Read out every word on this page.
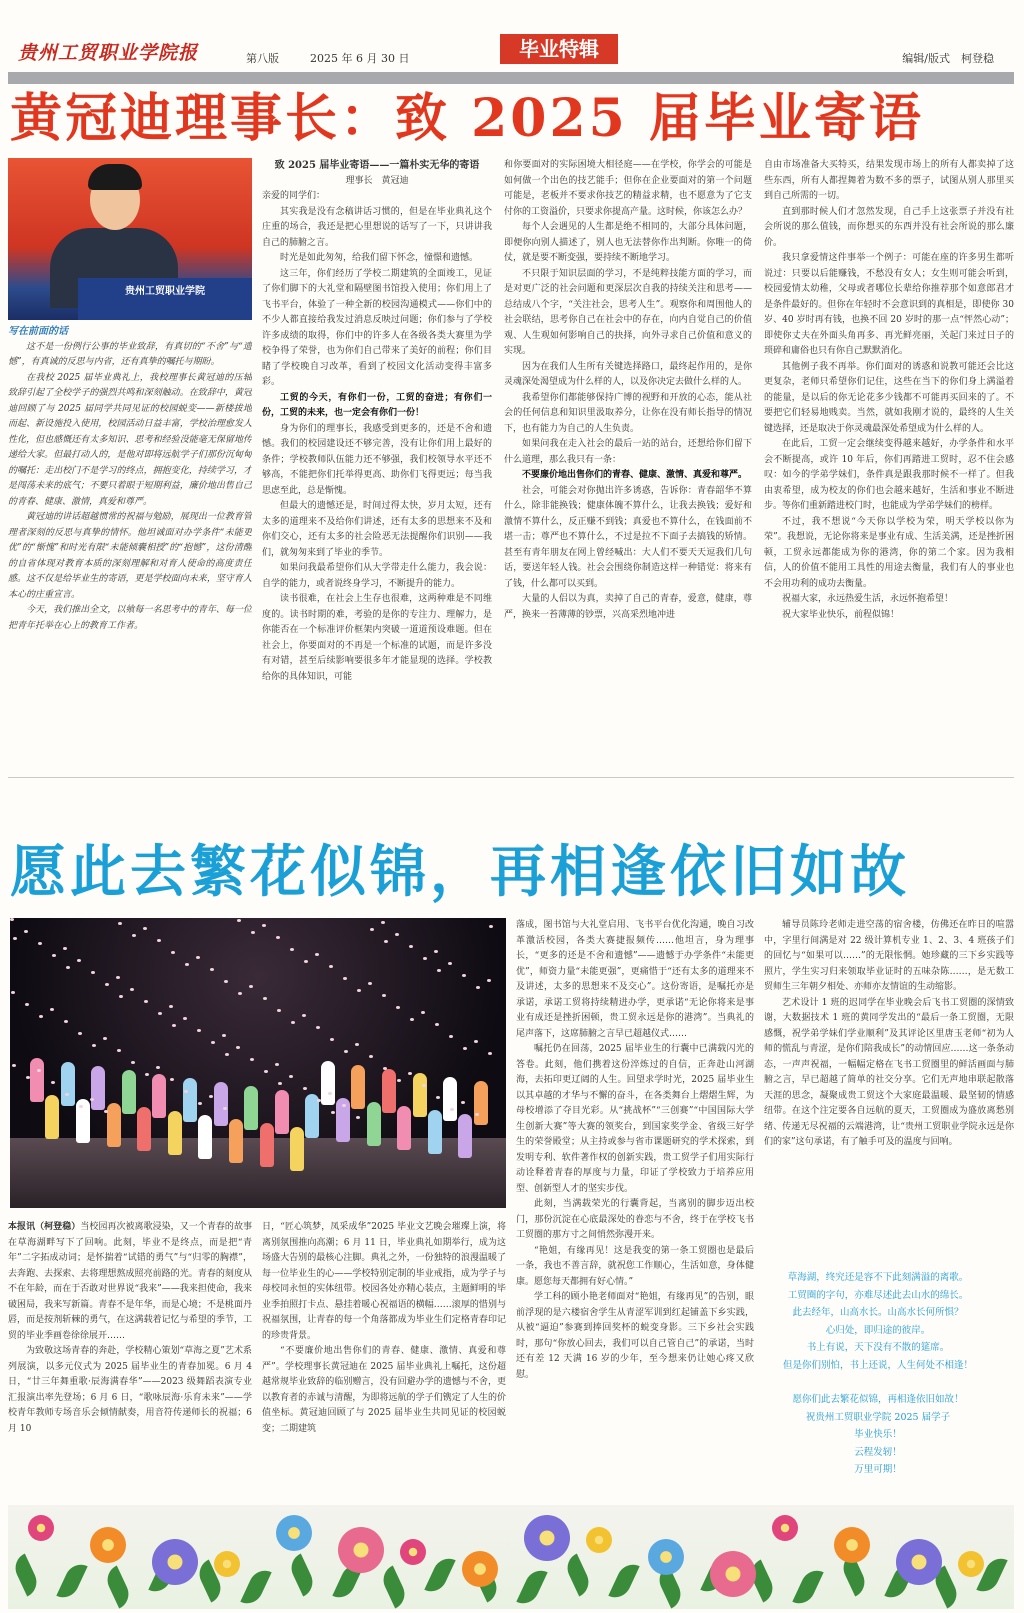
贵州工贸职业学院报	第八版	2025 年 6 月 30 日	毕业特辑	编辑/版式　柯登稳
黄冠迪理事长：致 2025 届毕业寄语
贵州工贸职业学院

写在前面的话

这不是一份例行公事的毕业致辞，有真切的“不舍”与“遗憾”，有真诚的反思与内省，还有真挚的嘱托与期盼。

在我校 2025 届毕业典礼上，我校理事长黄冠迪的压轴致辞引起了全校学子的强烈共鸣和深刻触动。在致辞中，黄冠迪回顾了与 2025 届同学共同见证的校园蜕变——新楼拔地而起、新设施投入使用，校园活动日益丰富，学校治理愈发人性化，但也感慨还有太多知识、思考和经验没能毫无保留地传递给大家。但最打动人的，是他对即将远航学子们那份沉甸甸的嘱托：走出校门不是学习的终点，拥抱变化，持续学习，才是闯荡未来的底气；不要只着眼于短期利益，廉价地出售自己的青春、健康、激情，真爱和尊严。

黄冠迪的讲话超越惯常的祝福与勉励，展现出一位教育管理者深刻的反思与真挚的情怀。他坦诚面对办学条件“未能更优”的“惭愧”和时光有限“未能倾囊相授”的“抱憾”，这份清醒的自省体现对教育本质的深刻理解和对育人使命的高度责任感。这不仅是给毕业生的寄语，更是学校面向未来，坚守育人本心的庄重宣言。

今天，我们推出全文，以飨每一名思考中的青年、每一位把青年托举在心上的教育工作者。

致 2025 届毕业寄语——一篇朴实无华的寄语

理事长　黄冠迪

亲爱的同学们：

其实我是没有念稿讲话习惯的，但是在毕业典礼这个庄重的场合，我还是把心里想说的话写了一下，只讲讲我自己的肺腑之言。

时光是如此匆匆，给我们留下怀念，憧憬和遗憾。

这三年，你们经历了学校二期建筑的全面竣工，见证了你们脚下的大礼堂和隔壁图书馆投入使用；你们用上了飞书平台，体验了一种全新的校园沟通模式——你们中的不少人都直接给我发过消息反映过问题；你们参与了学校许多成绩的取得，你们中的许多人在各级各类大赛里为学校争得了荣誉，也为你们自己带来了美好的前程；你们目睹了学校晚自习改革，看到了校园文化活动变得丰富多彩。

工贸的今天，有你们一份，工贸的奋进；有你们一份，工贸的未来，也一定会有你们一份！

身为你们的理事长，我感受到更多的，还是不舍和遗憾。我们的校园建设还不够完善，没有让你们用上最好的条件；学校教师队伍能力还不够强，我们校领导水平还不够高，不能把你们托举得更高、助你们飞得更远；每当我思虑至此，总是惭愧。

但最大的遗憾还是，时间过得太快，岁月太短，还有太多的道理来不及给你们讲述，还有太多的思想来不及和你们交心，还有太多的社会险恶无法提醒你们识别——我们，就匆匆来到了毕业的季节。

如果问我最希望你们从大学带走什么能力，我会说：自学的能力，或者说终身学习，不断提升的能力。

读书很难，在社会上生存也很难，这两种难是不同维度的。读书时期的难，考验的是你的专注力、理解力，是你能否在一个标准评价框架内突破一道道预设难题。但在社会上，你要面对的不再是一个标准的试题，而是许多没有对错，甚至后续影响要很多年才能显现的选择。学校教给你的具体知识，可能

和你要面对的实际困境大相径庭——在学校，你学会的可能是如何做一个出色的技艺能手；但你在企业要面对的第一个问题可能是，老板并不要求你技艺的精益求精，也不愿意为了它支付你的工资溢价，只要求你提高产量。这时候，你该怎么办？

每个人会遇见的人生都是绝不相同的，大部分具体问题，即便你向别人描述了，别人也无法替你作出判断。你唯一的倚仗，就是要不断变强，要持续不断地学习。

不只限于知识层面的学习，不是纯粹技能方面的学习，而是对更广泛的社会问题和更深层次自我的持续关注和思考——总结成八个字，“关注社会，思考人生”。观察你和周围他人的社会联结，思考你自己在社会中的存在，向内自觉自己的价值观、人生观如何影响自己的抉择，向外寻求自己价值和意义的实现。

因为在我们人生所有关键选择路口，最终起作用的，是你灵魂深处渴望成为什么样的人，以及你决定去做什么样的人。

我希望你们都能够保持广博的视野和开放的心态，能从社会的任何信息和知识里汲取养分，让你在没有师长指导的情况下，也有能力为自己的人生负责。

如果问我在走入社会的最后一站的站台，还想给你们留下什么道理，那么我只有一条：

不要廉价地出售你们的青春、健康、激情、真爱和尊严。

社会，可能会对你抛出许多诱惑，告诉你：青春韶华不算什么，除非能换钱；健康体魄不算什么，让我去换钱；爱好和激情不算什么，反正赚不到钱；真爱也不算什么，在钱面前不堪一击；尊严也不算什么，不过是拉不下面子去搞钱的矫情。甚至有青年朋友在网上曾经喊出：大人们不要天天逗我们几句话，要送年轻人钱。社会会围绕你制造这样一种错觉：将来有了钱，什么都可以买到。

大量的人侣以为真，卖掉了自己的青春，爱意，健康，尊严，换来一苔薄薄的钞票，兴高采烈地冲进

自由市场准备大买特买，结果发现市场上的所有人都卖掉了这些东西，所有人都捏舞着为数不多的票子，试图从别人那里买到自己所需的一切。

直到那时候人们才忽然发现，自己手上这张票子并没有社会所说的那么值钱，而你想买的东西并没有社会所说的那么廉价。

我只拿爱情这件事举一个例子：可能在座的许多男生都听说过：只要以后能赚钱，不愁没有女人；女生则可能会听到，校园爱情太幼稚，父母或者哪位长辈给你推荐那个如意郎君才是条件最好的。但你在年轻时不会意识到的真相是，即使你 30 岁、40 岁时再有钱，也换不回 20 岁时的那一点“怦然心动”；即使你丈夫在外面头角再多、再光鲜亮丽，关起门来过日子的琐碎和庸俗也只有你自己默默消化。

其他例子我不再举。你们面对的诱惑和说教可能还会比这更复杂，老师只希望你们记住，这些在当下的你们身上满溢着的能量，是以后的你无论花多少钱都不可能再买回来的了。不要把它们轻易地贱卖。当然，就如我刚才说的，最终的人生关键选择，还是取决于你灵魂最深处希望成为什么样的人。

在此后，工贸一定会继续变得越来越好，办学条件和水平会不断提高，或许 10 年后，你们再踏进工贸时，忍不住会感叹：如今的学弟学妹们，条件真是跟我那时候不一样了。但我由衷希望，成为校友的你们也会越来越好，生活和事业不断进步。等你们重新踏进校门时，也能成为学弟学妹们的榜样。

不过，我不想说“今天你以学校为荣，明天学校以你为荣”。我想说，无论你将来是事业有成、生活美满，还是挫折困顿，工贸永远都能成为你的港湾，你的第二个家。因为我相信，人的价值不能用工具性的用途去衡量，我们有人的事业也不会用功利的成功去衡量。

祝福大家，永远热爱生活，永远怀抱希望！

祝大家毕业快乐，前程似锦！

愿此去繁花似锦，再相逢依旧如故

本报讯（柯登稳）当校园再次被离歌浸染，又一个青春的故事在草海湖畔写下了回响。此刻，毕业不是终点，而是把“青年”二字拓成动词；是怀揣着“试错的勇气”与“归零的胸襟”，去奔跑、去探索、去将理想熬成照亮前路的光。青春的刻度从不在年龄，而在于否敢对世界说“我来”——我来担使命，我来破困局，我来写新篇。青春不是年华，而是心境；不是桃面丹唇，而是按剂斩棘的勇气，在这满载着记忆与希望的季节，工贸的毕业季画卷徐徐展开……

为致敬这场青春的奔赴，学校精心策划“草海之夏”艺术系列展演，以多元仪式为 2025 届毕业生的青春加冕。6 月 4 日，“廿三年舞重歌·辰海满春华”——2023 级舞蹈表演专业汇报演出率先登场；6 月 6 日，“歌咏辰海·乐育未来”——学校青年教师专场音乐会倾情献奏，用音符传递师长的祝福；6 月 10

日，“匠心筑梦，凤采成华”2025 毕业文艺晚会璀璨上演，将离别氛围推向高潮；6 月 11 日，毕业典礼如期举行，成为这场盛大告别的最核心注脚。典礼之外，一份独特的浪漫温暖了每一位毕业生的心——学校特别定制的毕业戒指，成为学子与母校同永恒的实体纽带。校园各处亦精心装点，主题鲜明的毕业季拍照打卡点、悬挂着暖心祝福语的横幅……滚厚的惜别与祝福氛围，让青春的每一个角落都成为毕业生们定格青春印记的珍贵背景。

“不要廉价地出售你们的青春、健康、激情、真爱和尊严”。学校理事长黄冠迪在 2025 届毕业典礼上嘱托，这份超越常规毕业致辞的临别赠言，没有回避办学的遗憾与不舍，更以教育者的赤诚与清醒，为即将远航的学子们镌定了人生的价值坐标。黄冠迪回顾了与 2025 届毕业生共同见证的校园蜕变；二期建筑

落成，图书馆与大礼堂启用、飞书平台优化沟通，晚自习改革激活校园，各类大赛捷报频传……他坦言，身为理事长，“更多的还是不舍和遗憾”——遗憾于办学条件“未能更优”，师资力量“未能更强”，更痛惜于“还有太多的道理来不及讲述，太多的思想来不及交心”。这份寄语，是嘱托亦是承诺，承诺工贸将持续精进办学，更承诺“无论你将来是事业有成还是挫折困顿，贵工贸永远是你的港湾”。当典礼的尾声落下，这席肺腑之言早已超越仪式……

嘱托仍在回荡，2025 届毕业生的行囊中已满载闪光的答卷。此刻，他们携着这份淬炼过的自信，正奔赴山河湖海，去拓印更辽阔的人生。回望求学时光，2025 届毕业生以其卓越的才华与不懈的奋斗，在各类舞台上熠熠生辉，为母校增添了夺目光彩。从“挑战杯”“三创赛”“中国国际大学生创新大赛”等大赛的领奖台，到国家奖学金、省级三好学生的荣誉殿堂；从主持或参与省市课题研究的学术探索，到发明专利、软件著作权的创新实践，贵工贸学子们用实际行动诠释着青春的厚度与力量，印证了学校致力于培养应用型、创新型人才的坚实步伐。

此刻，当满载荣光的行囊背起，当离别的脚步迈出校门，那份沉淀在心底最深处的眷恋与不舍，终于在学校飞书工贸圈的那方寸之间悄然弥漫开来。

“艳姐，有缘再见！这是我变的第一条工贸圈也是最后一条，我也不善言辞，就祝您工作顺心，生活如意，身体健康。愿您每天都拥有好心情。”

学工科的顾小艳老师面对“艳姐，有缘再见”的告别，眼前浮现的是六楼宿舍学生从青涩军训到红起铺盖下乡实践，从被“逼迫”参赛到捧回奖杯的蜕变身影。三下乡社会实践时，那句“你放心回去，我们可以自己管自己”的承诺，当时还有差 12 天满 16 岁的少年，至今想来仍让她心疼又欣慰。

辅导员陈玲老师走进空荡的宿舍楼，仿佛还在昨日的喧嚣中，字里行间满是对 22 级计算机专业 1、2、3、4 班孩子们的回忆与“如果可以……”的无限怅惘。她珍藏的三下乡实践等照片，学生实习归来领取毕业证时的五味杂陈……，是无数工贸师生三年朝夕相处、亦师亦友情谊的生动缩影。

艺术设计 1 班的迟同学在毕业晚会后飞书工贸圈的深情致谢，大数据技术 1 班的黄同学发出的“最后一条工贸圈，无限感慨，祝学弟学妹们学业顺利”及其评论区里唐玉老师“初为人师的慌乱与青涩，是你们陪我成长”的动情回应……这一条条动态，一声声祝福，一幅幅定格在飞书工贸圈里的鲜活画面与肺腑之言，早已超越了简单的社交分享。它们无声地串联起散落天涯的思念，凝聚成贵工贸这个大家庭最温暖、最坚韧的情感纽带。在这个注定要各自远航的夏天，工贸圈成为盛放离愁别绪、传递无尽祝福的云端港湾，让“贵州工贸职业学院永远是你们的家”这句承诺，有了触手可及的温度与回响。

草海湖，终究还是容不下此刻满溢的离歌。
工贸圈的字句，亦难尽述此去山水的绵长。
此去经年，山高水长。山高水长何所惧？
心归处，即归途的彼岸。
书上有说，天下没有不散的筵席。
但是你们别怕，书上还说，人生何处不相逢！
愿你们此去繁花似锦，再相逢依旧如故！
祝贵州工贸职业学院 2025 届学子
毕业快乐！
云程发轫！
万里可期！
